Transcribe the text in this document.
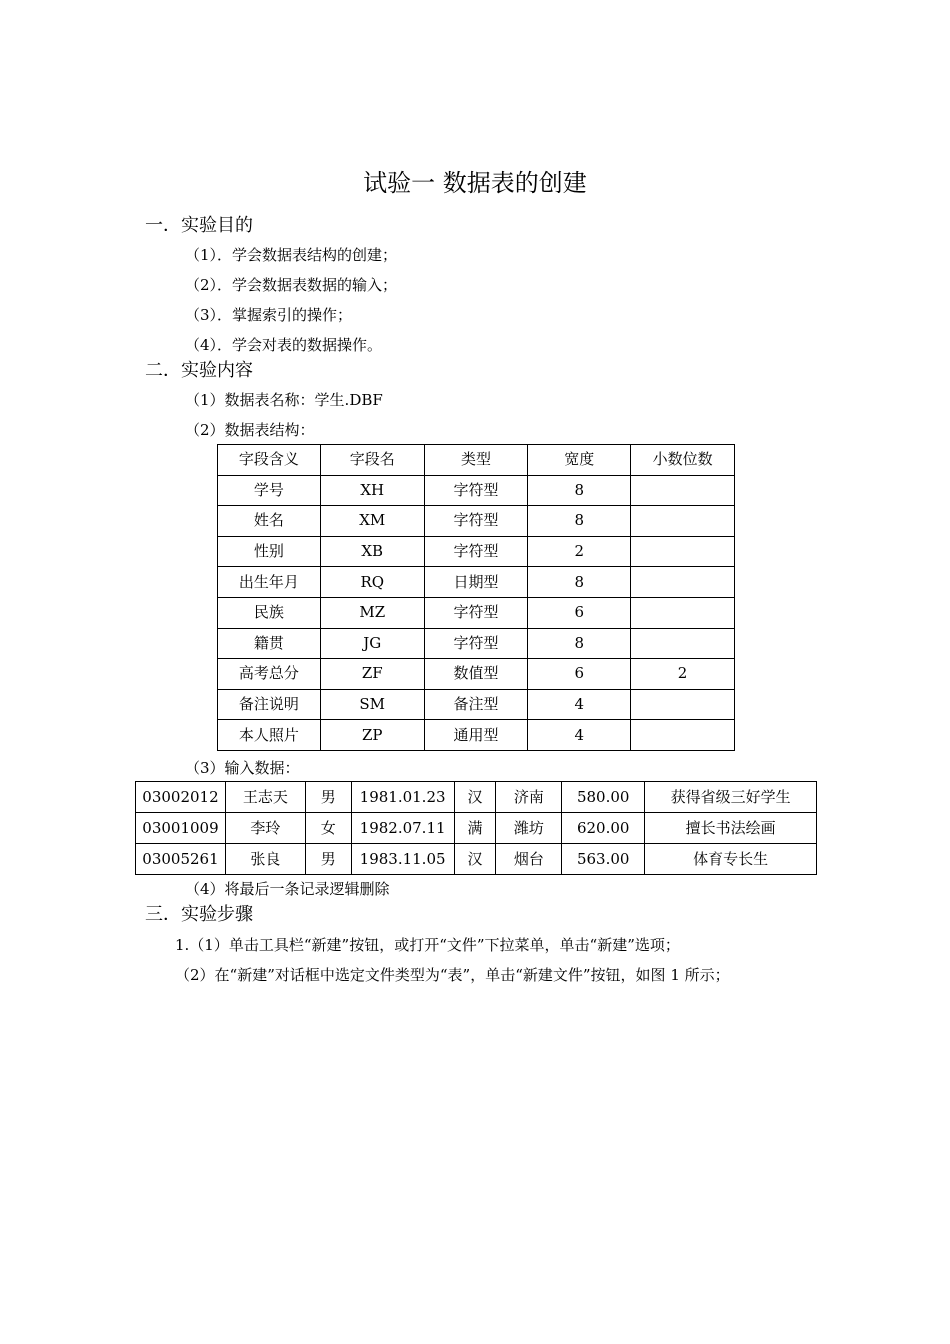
试验一 数据表的创建
一．实验目的
（1）．学会数据表结构的创建；
（2）．学会数据表数据的输入；
（3）．掌握索引的操作；
（4）．学会对表的数据操作。
二．实验内容
（1）数据表名称：学生.DBF
（2）数据表结构：
字段含义	字段名	类型	宽度	小数位数
学号	XH	字符型	8	
姓名	XM	字符型	8	
性别	XB	字符型	2	
出生年月	RQ	日期型	8	
民族	MZ	字符型	6	
籍贯	JG	字符型	8	
高考总分	ZF	数值型	6	2
备注说明	SM	备注型	4	
本人照片	ZP	通用型	4	
（3）输入数据：
03002012	王志天	男	1981.01.23	汉	济南	580.00	获得省级三好学生
03001009	李玲	女	1982.07.11	满	潍坊	620.00	擅长书法绘画
03005261	张良	男	1983.11.05	汉	烟台	563.00	体育专长生
（4）将最后一条记录逻辑删除
三．实验步骤
1.（1）单击工具栏“新建”按钮，或打开“文件”下拉菜单，单击“新建”选项；
（2）在“新建”对话框中选定文件类型为“表”，单击“新建文件”按钮，如图 1 所示；
